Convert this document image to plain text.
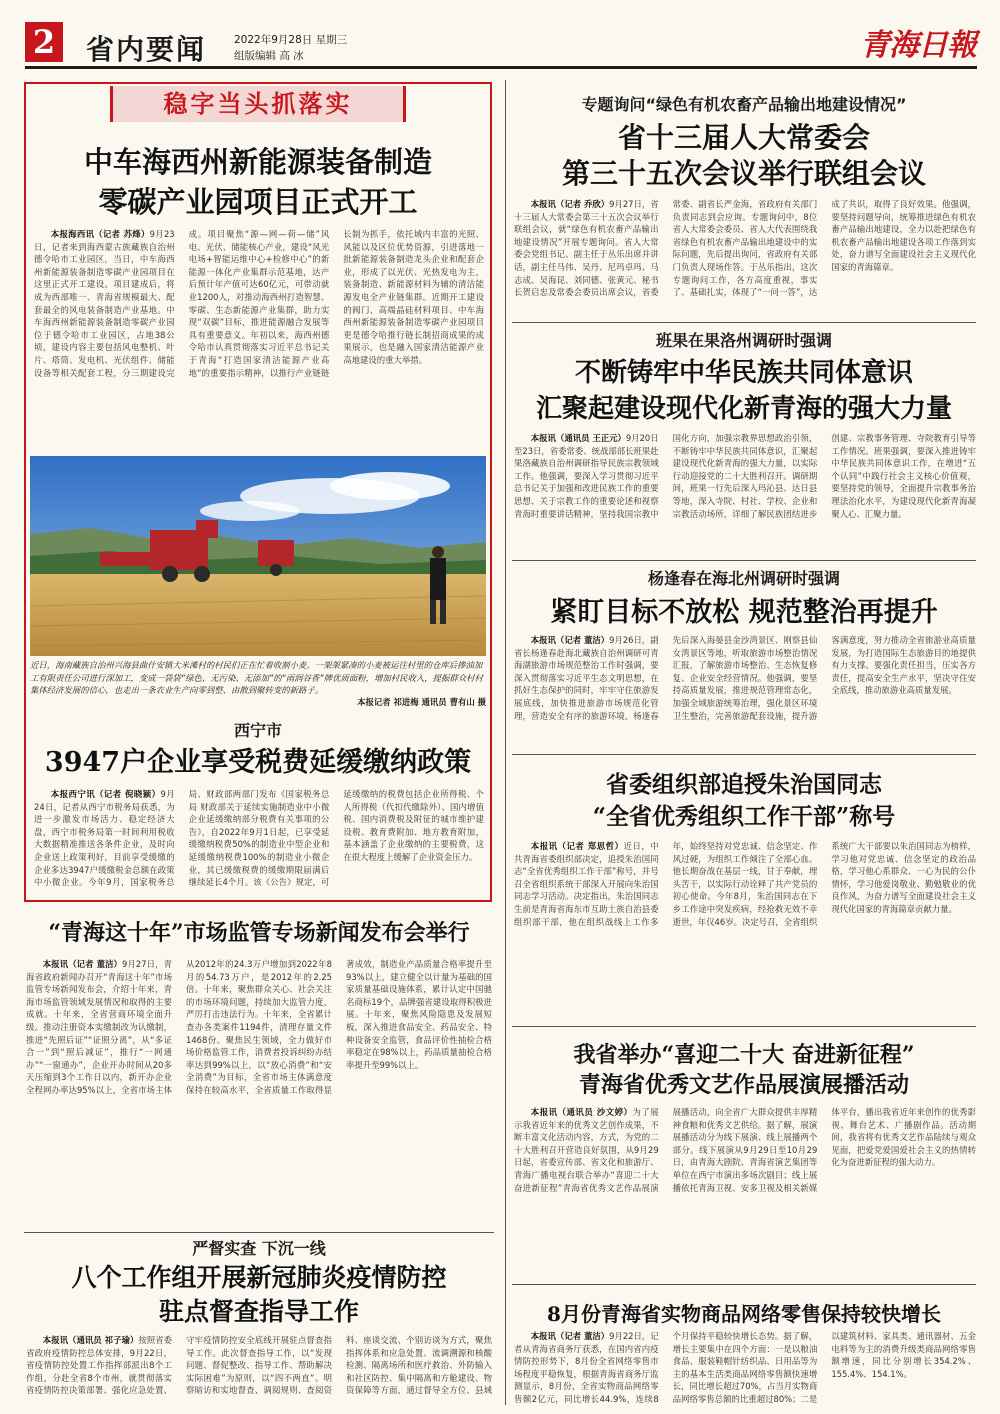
2 省内要闻	2022年9月28日 星期三
组版编辑 高 冰	青海日報
稳字当头抓落实
中车海西州新能源装备制造
零碳产业园项目正式开工

本报海西讯（记者 苏烽）9月23日，记者来到海西蒙古族藏族自治州德令哈市工业园区，当日，中车海西州新能源装备制造零碳产业园项目在这里正式开工建设。项目建成后，将成为西部唯一、青海省规模最大、配套最全的风电装备制造产业基地。中车海西州新能源装备制造零碳产业园位于德令哈市工业园区，占地38公顷，建设内容主要包括风电整机、叶片、塔筒、发电机、光伏组件、储能设备等相关配套工程，分三期建设完成。项目聚焦“源—网—荷—储”风电、光伏、储能核心产业，建设“风光电场+智能运维中心+检修中心”的新能源一体化产业集群示范基地，达产后预计年产值可达60亿元，可带动就业1200人，对推动海西州打造智慧、零碳、生态新能源产业集群，助力实现“双碳”目标，推进能源融合发展等具有重要意义。年初以来，海西州德令哈市认真贯彻落实习近平总书记关于青海“打造国家清洁能源产业高地”的重要指示精神，以推行产业链链长制为抓手，依托域内丰富的光照、风能以及区位优势资源，引进落地一批新能源装备制造龙头企业和配套企业，形成了以光伏、光热发电为主，装备制造、新能源材料为辅的清洁能源发电全产业链集群。近期开工建设的阀门、高端晶硅材料项目、中车海西州新能源装备制造零碳产业园项目更是德令哈推行链长制招商成果的成果展示，也是融入国家清洁能源产业高地建设的重大举措。

近日，海南藏族自治州兴海县曲什安镇大米滩村的村民们正在忙着收割小麦。一架架紧凑的小麦被运往村里的仓库后掺油加工有限责任公司进行深加工，变成一袋袋“绿色、无污染、无添加”的“雨润谷香”牌优质面粉，增加村民收入，提振群众村村集体经济发展的信心，也走出一条农业生产向零到整、由散到聚转变的新路子。
本报记者 祁进梅 通讯员 曹有山 摄
西宁市
3947户企业享受税费延缓缴纳政策

本报西宁讯（记者 倪晓颖）9月24日，记者从西宁市税务局获悉，为进一步激发市场活力、稳定经济大盘，西宁市税务局第一时间利用税收大数据精准推送各条件企业，及时向企业送上政策利好，目前享受缓缴的企业多达3947户缓缴税金总额在政策中小微企业。今年9月，国家税务总局、财政部两部门发布《国家税务总局 财政部关于延续实施制造业中小微企业延缓缴纳部分税费有关事项的公告》，自2022年9月1日起，已享受延缓缴纳税费50%的制造业中型企业和延缓缴纳税费100%的制造业小微企业，其已缓缴税费的缓缴期限届满后继续延长4个月。该《公告》规定，可延缓缴纳的税费包括企业所得税、个人所得税（代扣代缴除外）、国内增值税、国内消费税及附征的城市维护建设税、教育费附加、地方教育附加，基本涵盖了企业缴纳的主要税费，这在很大程度上缓解了企业资金压力。

“青海这十年”市场监管专场新闻发布会举行

本报讯（记者 董洁）9月27日，青海省政府新闻办召开“青海这十年”市场监管专场新闻发布会，介绍十年来，青海市场监管领域发展情况和取得的主要成就。十年来，全省营商环境全面升级。推动注册资本实缴制改为认缴制，推进“先照后证”“证照分离”，从“多证合一”到“照后减证”，推行“一网通办”“一窗通办”，企业开办时间从20多天压缩到3个工作日以内，新开办企业全程网办率达95%以上，全省市场主体从2012年的24.3万户增加到2022年8月的54.73万户，是2012年的2.25倍。十年来，聚焦群众关心、社会关注的市场环境问题，持续加大监管力度，严厉打击违法行为。十年来，全省累计查办各类案件1194件，清理存量文件1468份。聚焦民生领域，全力做好市场价格监管工作，消费者投诉纠纷办结率达到99%以上，以“放心消费”和“安全消费”为目标，全省市场主体满意度保持在较高水平，全省质量工作取得显著成效，制造业产品质量合格率提升至93%以上，建立健全以计量为基础的国家质量基础设施体系，累计认定中国驰名商标19个，品牌强省建设取得积极进展。十年来，聚焦风险隐患及发展短板，深入推进食品安全、药品安全、特种设备安全监管，食品评价性抽检合格率稳定在98%以上，药品质量抽检合格率提升至99%以上。

严督实查 下沉一线
八个工作组开展新冠肺炎疫情防控
驻点督查指导工作

本报讯（通讯员 祁子瑜）按照省委省政府疫情防控总体安排，9月22日，省疫情防控处置工作指挥部派出8个工作组，分赴全省8个市州，就贯彻落实省疫情防控决策部署、强化应急处置、守牢疫情防控安全底线开展驻点督查指导工作。此次督查指导工作，以“发现问题、督促整改、指导工作、帮助解决实际困难”为原则，以“四不两直”、明察暗访和实地督查、调阅规则、查阅资料、座谈交流、个别访谈为方式，聚焦指挥体系和应急处置、流调溯源和核酸检测、隔离场所和医疗救治、外防输入和社区防控、集中隔离和方舱建设、物资保障等方面，通过督导全方位、县域

专题询问“绿色有机农畜产品输出地建设情况”
省十三届人大常委会
第三十五次会议举行联组会议

本报讯（记者 乔欣）9月27日，省十三届人大常委会第三十五次会议举行联组会议，就“绿色有机农畜产品输出地建设情况”开展专题询问。省人大常委会党组书记、副主任于丛乐出席并讲话，副主任马伟、吴丹、尼玛卓玛、马志成、吴海昆、刘同德、张黄元、秘书长贺启忠及常委会委员出席会议，省委常委、副省长严金海，省政府有关部门负责同志到会应询。专题询问中，8位省人大常委会委员、省人大代表围绕我省绿色有机农畜产品输出地建设中的实际问题，先后提出询问，省政府有关部门负责人现场作答。于丛乐指出，这次专题询问工作，各方高度重视，事实了、基础扎实，体现了“一问一答”，达成了共识，取得了良好效果。他强调，要坚持问题导向，统筹推进绿色有机农畜产品输出地建设，全力以赴把绿色有机农畜产品输出地建设各项工作落到实处，奋力谱写全面建设社会主义现代化国家的青海篇章。

班果在果洛州调研时强调
不断铸牢中华民族共同体意识
汇聚起建设现代化新青海的强大力量

本报讯（通讯员 王正元）9月20日至23日，省委常委、统战部部长班果赴果洛藏族自治州调研指导民族宗教领域工作。他强调，要深入学习贯彻习近平总书记关于加强和改进民族工作的重要思想、关于宗教工作的重要论述和视察青海时重要讲话精神，坚持我国宗教中国化方向，加强宗教界思想政治引领，不断铸牢中华民族共同体意识，汇聚起建设现代化新青海的强大力量，以实际行动迎接党的二十大胜利召开。调研期间，班果一行先后深入玛沁县、达日县等地，深入寺院、村社、学校、企业和宗教活动场所，详细了解民族团结进步创建、宗教事务管理、寺院教育引导等工作情况。班果强调，要深入推进铸牢中华民族共同体意识工作，在增进“五个认同”中践行社会主义核心价值观，要坚持党的领导，全面提升宗教事务治理法治化水平，为建设现代化新青海凝聚人心、汇聚力量。

杨逢春在海北州调研时强调
紧盯目标不放松 规范整治再提升

本报讯（记者 董洁）9月26日，副省长杨逢春赴海北藏族自治州调研可青海湖旅游市场规范整治工作时强调，要深入贯彻落实习近平生态文明思想，在抓好生态保护的同时，牢牢守住旅游发展底线，加快推进旅游市场规范化管理，营造安全有序的旅游环境。杨逢春先后深入海晏县金沙湾景区、刚察县仙女湾景区等地，听取旅游市场整治情况汇报，了解旅游市场整治、生态恢复修复、企业安全经营情况。他强调，要坚持高质量发展，推进规范管理常态化，加强全域旅游统筹治理，强化景区环境卫生整治，完善旅游配套设施，提升游客满意度，努力推动全省旅游业高质量发展，为打造国际生态旅游目的地提供有力支撑。要强化责任担当，压实各方责任，提高安全生产水平，坚决守住安全底线，推动旅游业高质量发展。

省委组织部追授朱治国同志
“全省优秀组织工作干部”称号

本报讯（记者 郑思哲）近日，中共青海省委组织部决定，追授朱治国同志“全省优秀组织工作干部”称号，并号召全省组织系统干部深入开展向朱治国同志学习活动。决定指出，朱治国同志生前是青海省海东市互助土族自治县委组织部干部，他在组织战线上工作多年，始终坚持对党忠诚、信念坚定、作风过硬，为组织工作倾注了全部心血。他长期奋战在基层一线，甘于奉献，埋头苦干，以实际行动诠释了共产党员的初心使命。今年8月，朱治国同志在下乡工作途中突发疾病，经抢救无效不幸逝世，年仅46岁。决定号召，全省组织系统广大干部要以朱治国同志为榜样，学习他对党忠诚、信念坚定的政治品格，学习他心系群众、一心为民的公仆情怀，学习他爱岗敬业、勤勉敬业的优良作风，为奋力谱写全面建设社会主义现代化国家的青海篇章贡献力量。

我省举办“喜迎二十大 奋进新征程”
青海省优秀文艺作品展演展播活动

本报讯（通讯员 沙文婷）为了展示我省近年来的优秀文艺创作成果，不断丰富文化活动内容，方式，为党的二十大胜利召开营造良好氛围，从9月29日起，省委宣传部、省文化和旅游厅、青海广播电视台联合举办“喜迎二十大 奋进新征程”青海省优秀文艺作品展演展播活动，向全省广大群众提供丰厚精神食粮和优秀文艺供给。据了解，展演展播活动分为线下展演、线上展播两个部分。线下展演从9月29日至10月29日，由青海大剧院、青海省演艺集团等单位在西宁市演出多场次剧目；线上展播依托青海卫视、安多卫视及相关新媒体平台，播出我省近年来创作的优秀影视、舞台艺术、广播剧作品。活动期间，我省将有优秀文艺作品陆续与观众见面，把爱党爱国爱社会主义的热情转化为奋进新征程的强大动力。

8月份青海省实物商品网络零售保持较快增长

本报讯（记者 董洁）9月22日，记者从青海省商务厅获悉，在国内省内疫情防控形势下，8月份全省网络零售市场程度平稳恢复，根据青海省商务厅监测显示，8月份，全省实物商品网络零售额2亿元，同比增长44.9%，连续8个月保持平稳较快增长态势。据了解，增长主要集中在四个方面：一是以粮油食品、服装鞋帽针纺织品、日用品等为主的基本生活类商品网络零售额快速增长，同比增长超过70%，占当月实物商品网络零售总额的比重超过80%；二是以建筑材料、家具类、通讯器材、五金电料等为主的消费升级类商品网络零售额增速，同比分别增长354.2%、155.4%、154.1%。
